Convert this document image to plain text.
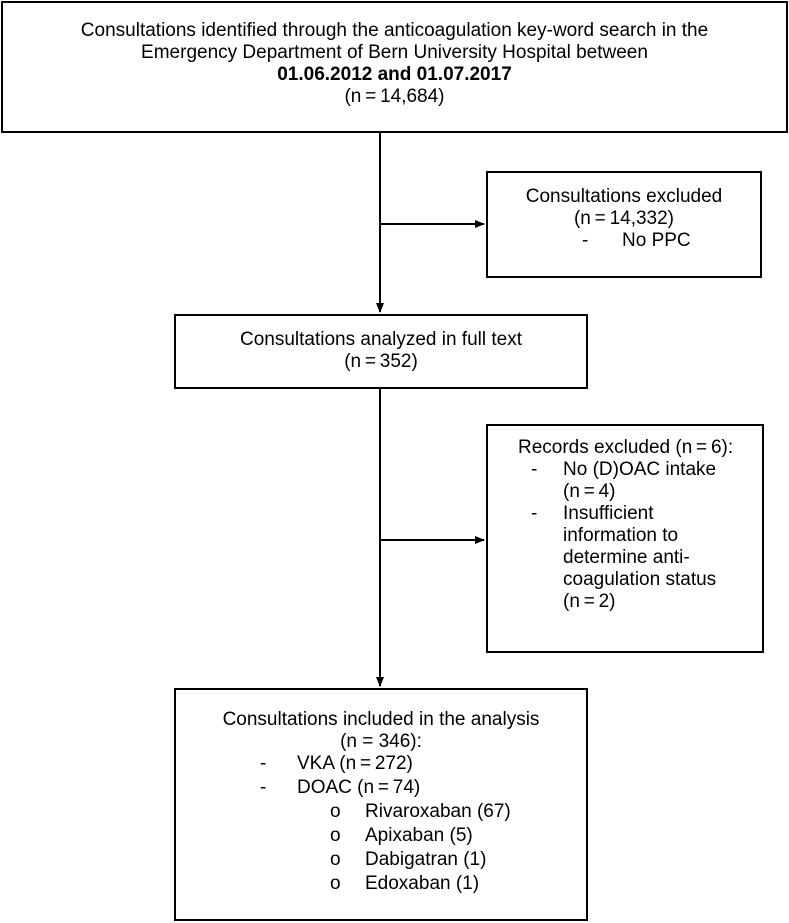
Consultations identified through the anticoagulation key-word search in the
Emergency Department of Bern University Hospital between
01.06.2012 and 01.07.2017
(n = 14,684)
Consultations excluded
(n = 14,332)
- No PPC
Consultations analyzed in full text
(n = 352)
Records excluded (n = 6):
- No (D)OAC intake
(n = 4)
- Insufficient
information to
determine anti-
coagulation status
(n = 2)
Consultations included in the analysis
(n = 346):
- VKA (n = 272)
- DOAC (n = 74)
o Rivaroxaban (67)
o Apixaban (5)
o Dabigatran (1)
o Edoxaban (1)
